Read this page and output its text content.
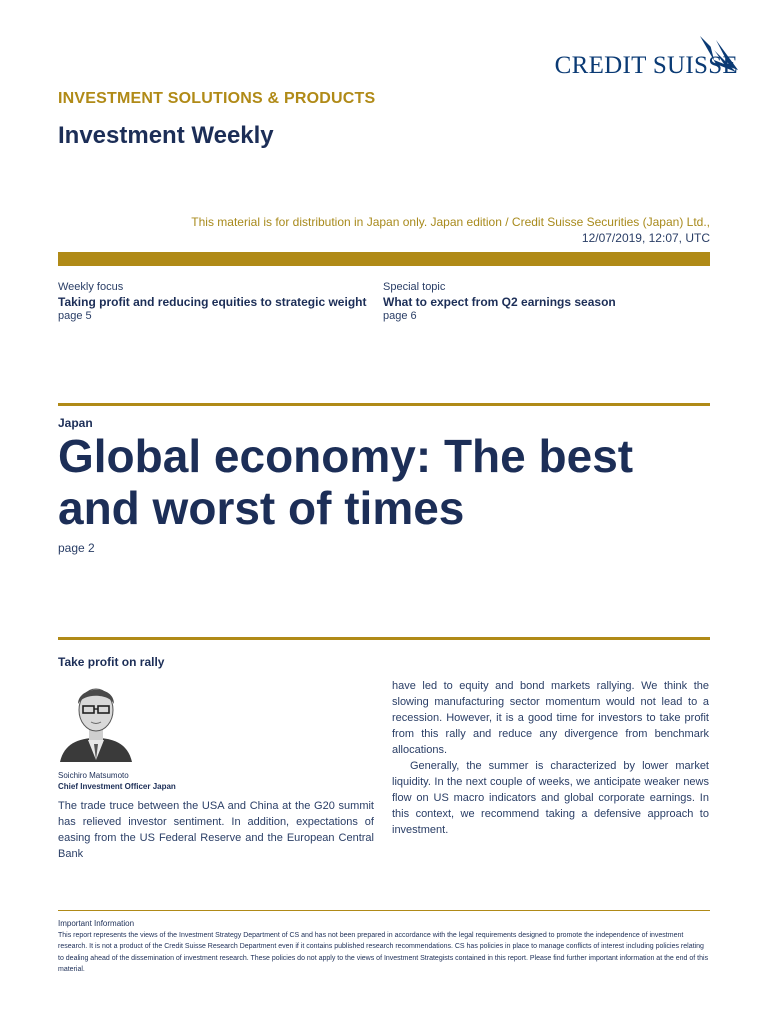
CREDIT SUISSE
INVESTMENT SOLUTIONS & PRODUCTS
Investment Weekly
This material is for distribution in Japan only. Japan edition / Credit Suisse Securities (Japan) Ltd.,
12/07/2019, 12:07, UTC
Weekly focus
Taking profit and reducing equities to strategic weight
page 5
Special topic
What to expect from Q2 earnings season
page 6
Japan
Global economy: The best and worst of times
page 2
Take profit on rally
Soichiro Matsumoto
Chief Investment Officer Japan

The trade truce between the USA and China at the G20 summit has relieved investor sentiment. In addition, expectations of easing from the US Federal Reserve and the European Central Bank

have led to equity and bond markets rallying. We think the slowing manufacturing sector momentum would not lead to a recession. However, it is a good time for investors to take profit from this rally and reduce any divergence from benchmark allocations.

Generally, the summer is characterized by lower market liquidity. In the next couple of weeks, we anticipate weaker news flow on US macro indicators and global corporate earnings. In this context, we recommend taking a defensive approach to investment.

Important Information
This report represents the views of the Investment Strategy Department of CS and has not been prepared in accordance with the legal requirements designed to promote the independence of investment research. It is not a product of the Credit Suisse Research Department even if it contains published research recommendations. CS has policies in place to manage conflicts of interest including policies relating to dealing ahead of the dissemination of investment research. These policies do not apply to the views of Investment Strategists contained in this report. Please find further important information at the end of this material.
